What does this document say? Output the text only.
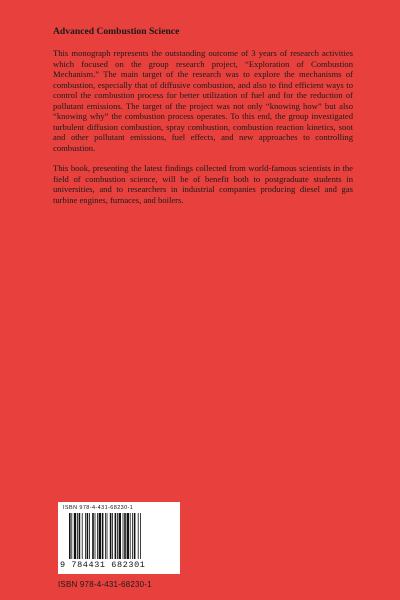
Advanced Combustion Science

This monograph represents the outstanding outcome of 3 years of research activities which focused on the group research project, “Exploration of Combustion Mechanism.” The main target of the research was to explore the mechanisms of combustion, especially that of diffusive combustion, and also to find efficient ways to control the combustion process for better utilization of fuel and for the reduction of pollutant emissions. The target of the project was not only “knowing how” but also “knowing why” the combustion process operates. To this end, the group investigated turbulent diffusion combustion, spray combustion, combustion reaction kinetics, soot and other pollutant emissions, fuel effects, and new approaches to controlling combustion.

This book, presenting the latest findings collected from world-famous scientists in the field of combustion science, will be of benefit both to postgraduate students in universities, and to researchers in industrial companies producing diesel and gas turbine engines, furnaces, and boilers.

ISBN 978-4-431-68230-1
9 784431 682301
ISBN 978-4-431-68230-1
